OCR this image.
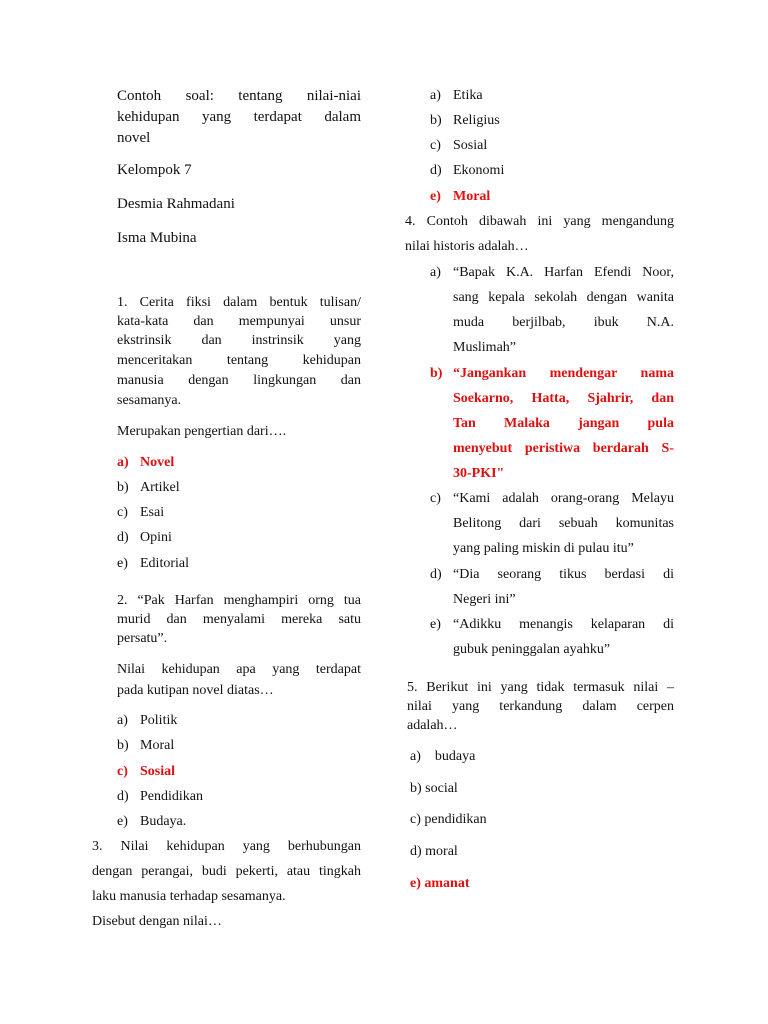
Contoh soal: tentang nilai-niai
kehidupan yang terdapat dalam
novel
Kelompok 7
Desmia Rahmadani
Isma Mubina
1. Cerita fiksi dalam bentuk tulisan/
kata-kata dan mempunyai unsur
ekstrinsik dan instrinsik yang
menceritakan tentang kehidupan
manusia dengan lingkungan dan
sesamanya.
Merupakan pengertian dari….
a) Novel
b) Artikel
c) Esai
d) Opini
e) Editorial
2. “Pak Harfan menghampiri orng tua
murid dan menyalami mereka satu
persatu”.
Nilai kehidupan apa yang terdapat
pada kutipan novel diatas…
a) Politik
b) Moral
c) Sosial
d) Pendidikan
e) Budaya.
3. Nilai kehidupan yang berhubungan
dengan perangai, budi pekerti, atau tingkah
laku manusia terhadap sesamanya.
Disebut dengan nilai…
a) Etika
b) Religius
c) Sosial
d) Ekonomi
e) Moral
4. Contoh dibawah ini yang mengandung
nilai historis adalah…
a) “Bapak K.A. Harfan Efendi Noor,
sang kepala sekolah dengan wanita
muda berjilbab, ibuk N.A.
Muslimah”
b) “Jangankan mendengar nama
Soekarno, Hatta, Sjahrir, dan
Tan Malaka jangan pula
menyebut peristiwa berdarah S-
30-PKI"
c) “Kami adalah orang-orang Melayu
Belitong dari sebuah komunitas
yang paling miskin di pulau itu”
d) “Dia seorang tikus berdasi di
Negeri ini”
e) “Adikku menangis kelaparan di
gubuk peninggalan ayahku”
5. Berikut ini yang tidak termasuk nilai –
nilai yang terkandung dalam cerpen
adalah…
a)    budaya
b) social
c) pendidikan
d) moral
e) amanat
